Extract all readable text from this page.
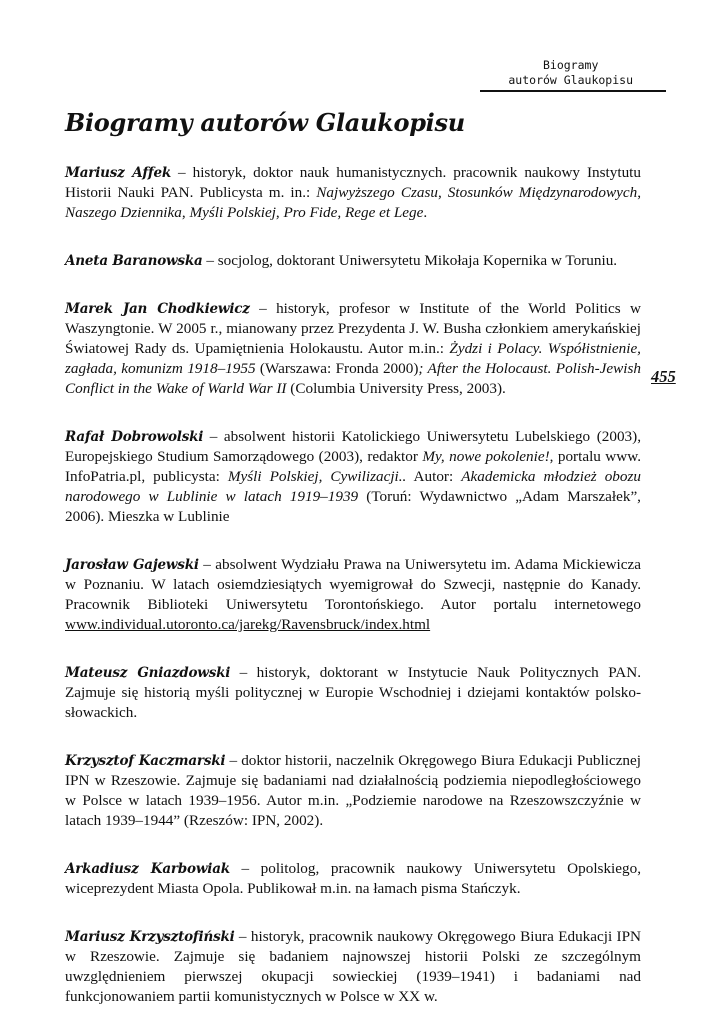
Biogramy
autorów Glaukopisu
Biogramy autorów Glaukopisu
455

Mariusz Affek – historyk, doktor nauk humanistycznych. pracownik naukowy Instytutu Historii Nauki PAN. Publicysta m. in.: Najwyższego Czasu, Stosunków Międzynarodowych, Naszego Dziennika, Myśli Polskiej, Pro Fide, Rege et Lege.

Aneta Baranowska – socjolog, doktorant Uniwersytetu Mikołaja Kopernika w Toruniu.

Marek Jan Chodkiewicz – historyk, profesor w Institute of the World Politics w Waszyngtonie. W 2005 r., mianowany przez Prezydenta J. W. Busha członkiem amerykańskiej Światowej Rady ds. Upamiętnienia Holokaustu. Autor m.in.: Żydzi i Polacy. Współistnienie, zagłada, komunizm 1918–1955 (Warszawa: Fronda 2000); After the Holocaust. Polish-Jewish Conflict in the Wake of Warld War II (Columbia University Press, 2003).

Rafał Dobrowolski – absolwent historii Katolickiego Uniwersytetu Lubelskiego (2003), Europejskiego Studium Samorządowego (2003), redaktor My, nowe pokolenie!, portalu www. InfoPatria.pl, publicysta: Myśli Polskiej, Cywilizacji.. Autor: Akademicka młodzież obozu narodowego w Lublinie w latach 1919–1939 (Toruń: Wydawnictwo „Adam Marszałek”, 2006). Mieszka w Lublinie

Jarosław Gajewski – absolwent Wydziału Prawa na Uniwersytetu im. Adama Mickiewicza w Poznaniu. W latach osiemdziesiątych wyemigrował do Szwecji, następnie do Kanady. Pracownik Biblioteki Uniwersytetu Torontońskiego. Autor portalu internetowego www.individual.utoronto.ca/jarekg/Ravensbruck/index.html

Mateusz Gniazdowski – historyk, doktorant w Instytucie Nauk Politycznych PAN. Zajmuje się historią myśli politycznej w Europie Wschodniej i dziejami kontaktów polsko-słowackich.

Krzysztof Kaczmarski – doktor historii, naczelnik Okręgowego Biura Edukacji Publicznej IPN w Rzeszowie. Zajmuje się badaniami nad działalnością podziemia niepodległościowego w Polsce w latach 1939–1956. Autor m.in. „Podziemie narodowe na Rzeszowszczyźnie w latach 1939–1944” (Rzeszów: IPN, 2002).

Arkadiusz Karbowiak – politolog, pracownik naukowy Uniwersytetu Opolskiego, wiceprezydent Miasta Opola. Publikował m.in. na łamach pisma Stańczyk.

Mariusz Krzysztofiński – historyk, pracownik naukowy Okręgowego Biura Edukacji IPN w Rzeszowie. Zajmuje się badaniem najnowszej historii Polski ze szczególnym uwzględnieniem pierwszej okupacji sowieckiej (1939–1941) i badaniami nad funkcjonowaniem partii komunistycznych w Polsce w XX w.
